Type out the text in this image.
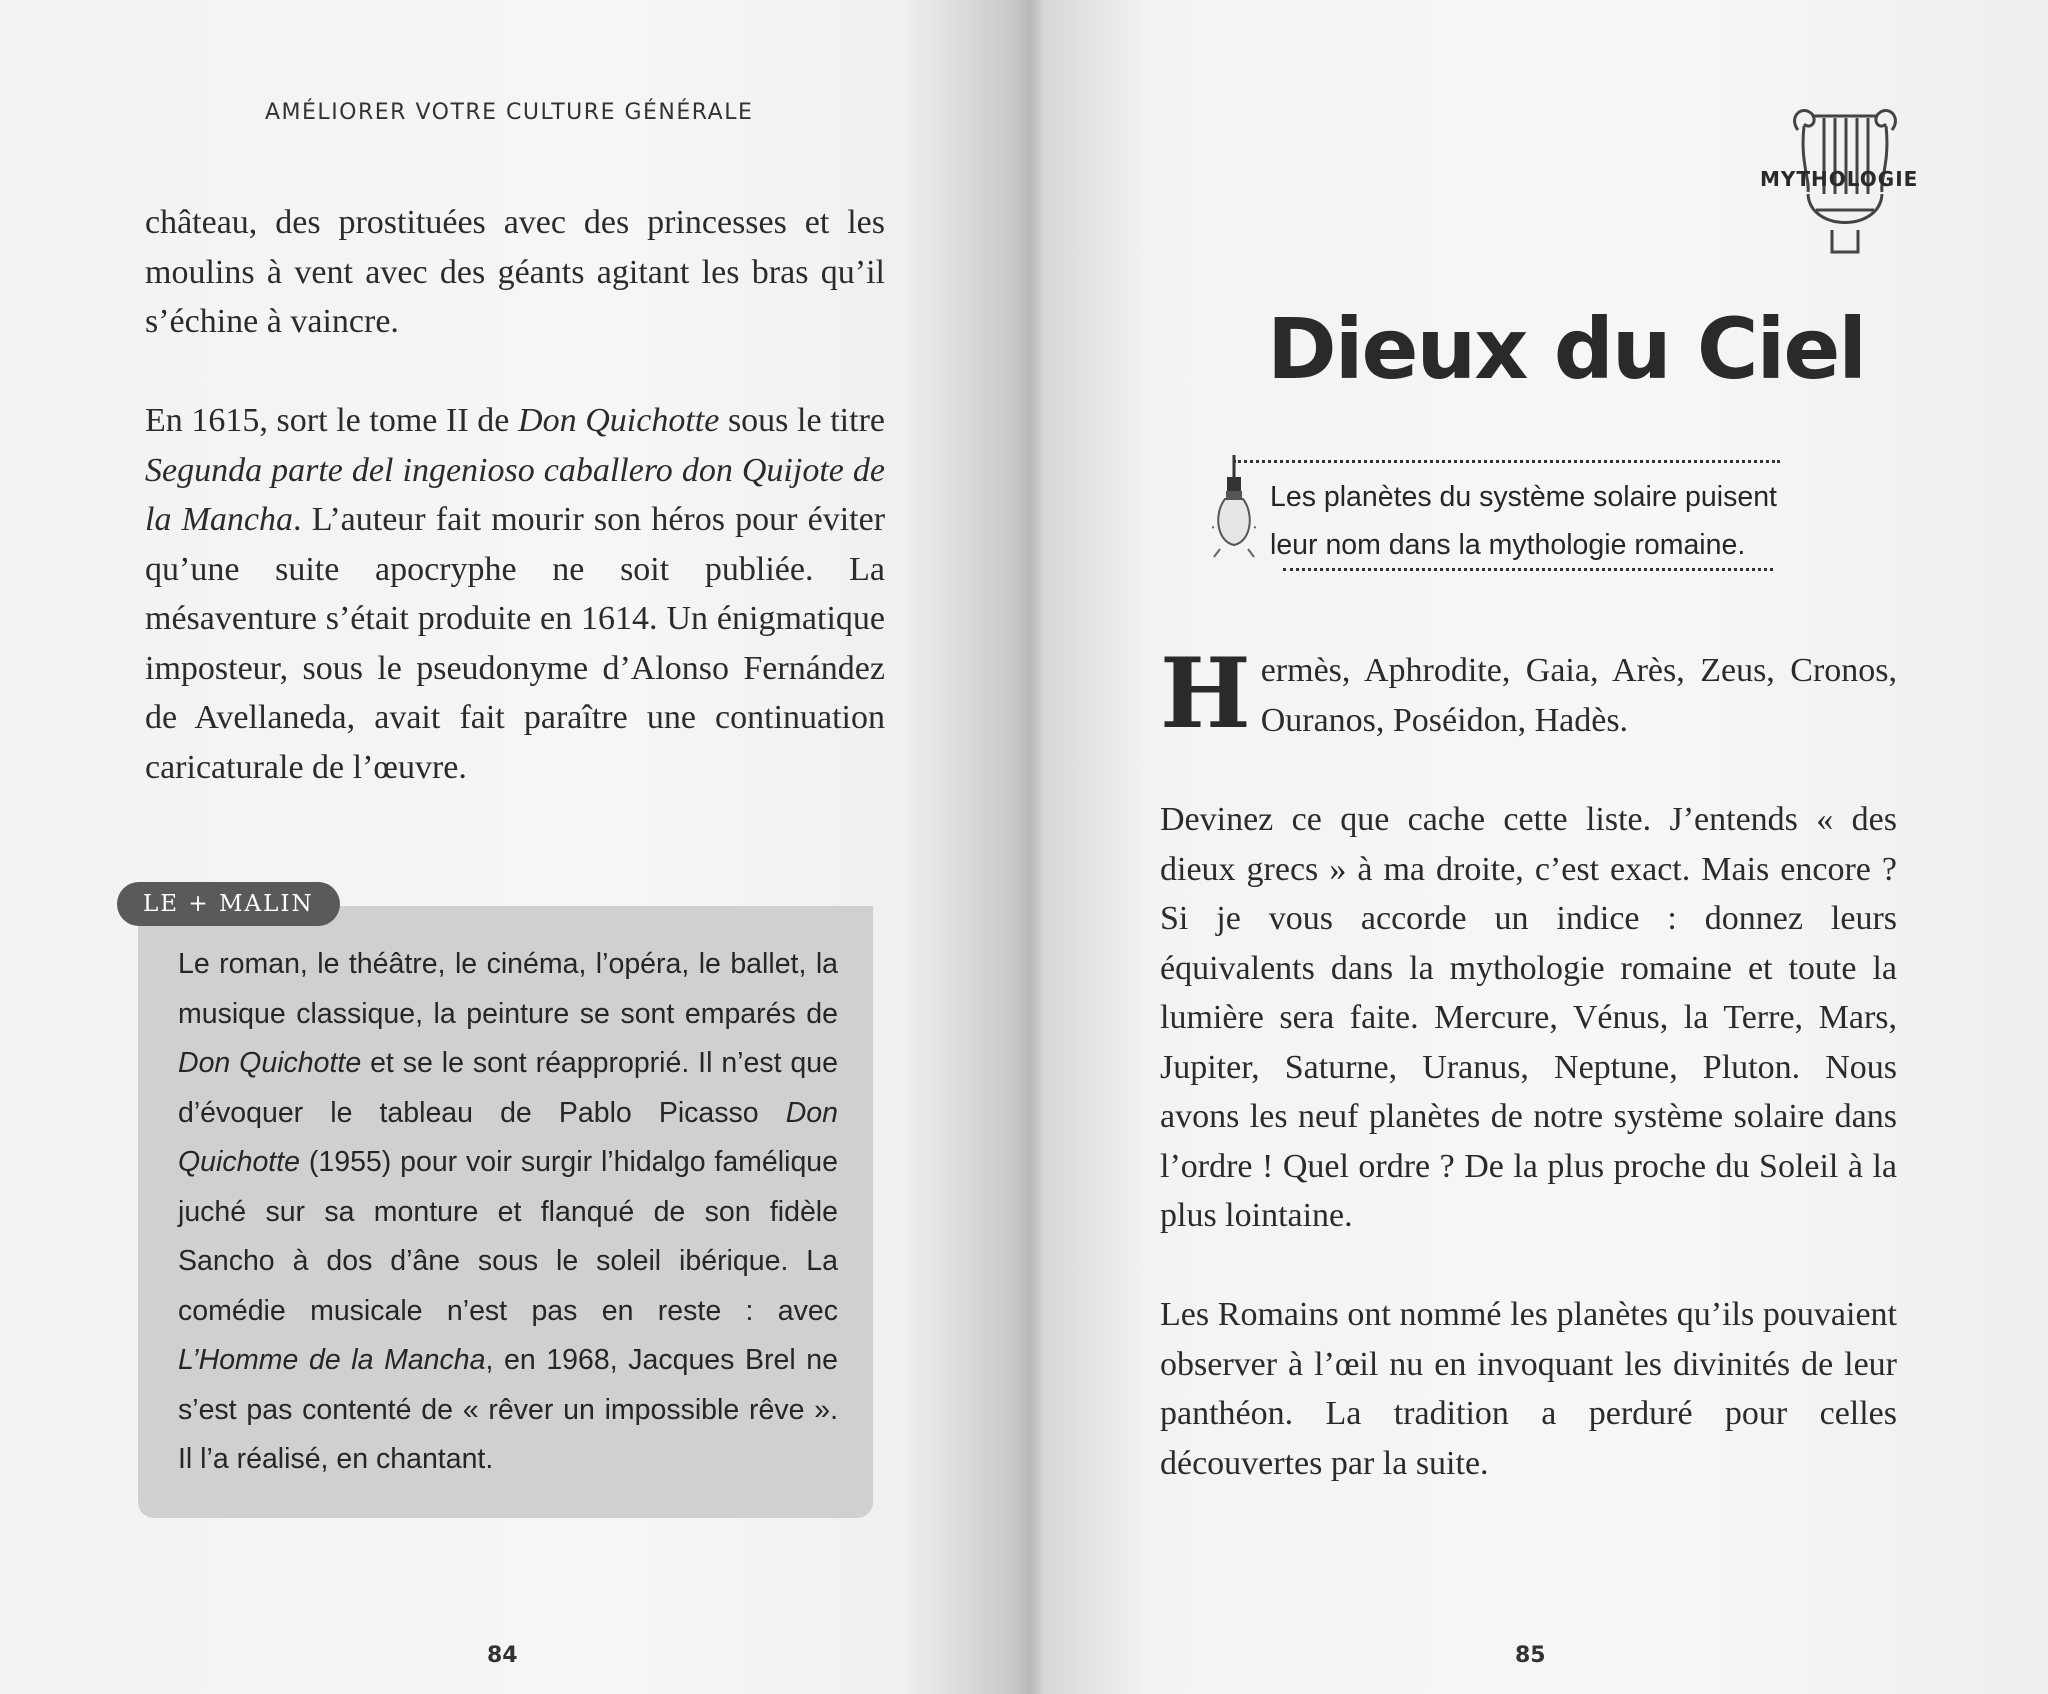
AMÉLIORER VOTRE CULTURE GÉNÉRALE

château, des prostituées avec des princesses et les moulins à vent avec des géants agitant les bras qu’il s’échine à vaincre.
En 1615, sort le tome II de Don Quichotte sous le titre Segunda parte del ingenioso caballero don Quijote de la Mancha. L’auteur fait mourir son héros pour éviter qu’une suite apocryphe ne soit publiée. La mésaventure s’était produite en 1614. Un énigmatique imposteur, sous le pseudonyme d’Alonso Fernández de Avellaneda, avait fait paraître une continuation caricaturale de l’œuvre.
LE + MALIN
Le roman, le théâtre, le cinéma, l’opéra, le ballet, la musique classique, la peinture se sont emparés de Don Quichotte et se le sont réapproprié. Il n’est que d’évoquer le tableau de Pablo Picasso Don Quichotte (1955) pour voir surgir l’hidalgo famélique juché sur sa monture et flanqué de son fidèle Sancho à dos d’âne sous le soleil ibérique. La comédie musicale n’est pas en reste : avec L’Homme de la Mancha, en 1968, Jacques Brel ne s’est pas contenté de « rêver un impossible rêve ». Il l’a réalisé, en chantant.
84
MYTHOLOGIE
Dieux du Ciel
Les planètes du système solaire puisent leur nom dans la mythologie romaine.
Hermès, Aphrodite, Gaia, Arès, Zeus, Cronos, Ouranos, Poséidon, Hadès.
Devinez ce que cache cette liste. J’entends « des dieux grecs » à ma droite, c’est exact. Mais encore ? Si je vous accorde un indice : donnez leurs équivalents dans la mythologie romaine et toute la lumière sera faite. Mercure, Vénus, la Terre, Mars, Jupiter, Saturne, Uranus, Neptune, Pluton. Nous avons les neuf planètes de notre système solaire dans l’ordre ! Quel ordre ? De la plus proche du Soleil à la plus lointaine.
Les Romains ont nommé les planètes qu’ils pouvaient observer à l’œil nu en invoquant les divinités de leur panthéon. La tradition a perduré pour celles découvertes par la suite.
85
